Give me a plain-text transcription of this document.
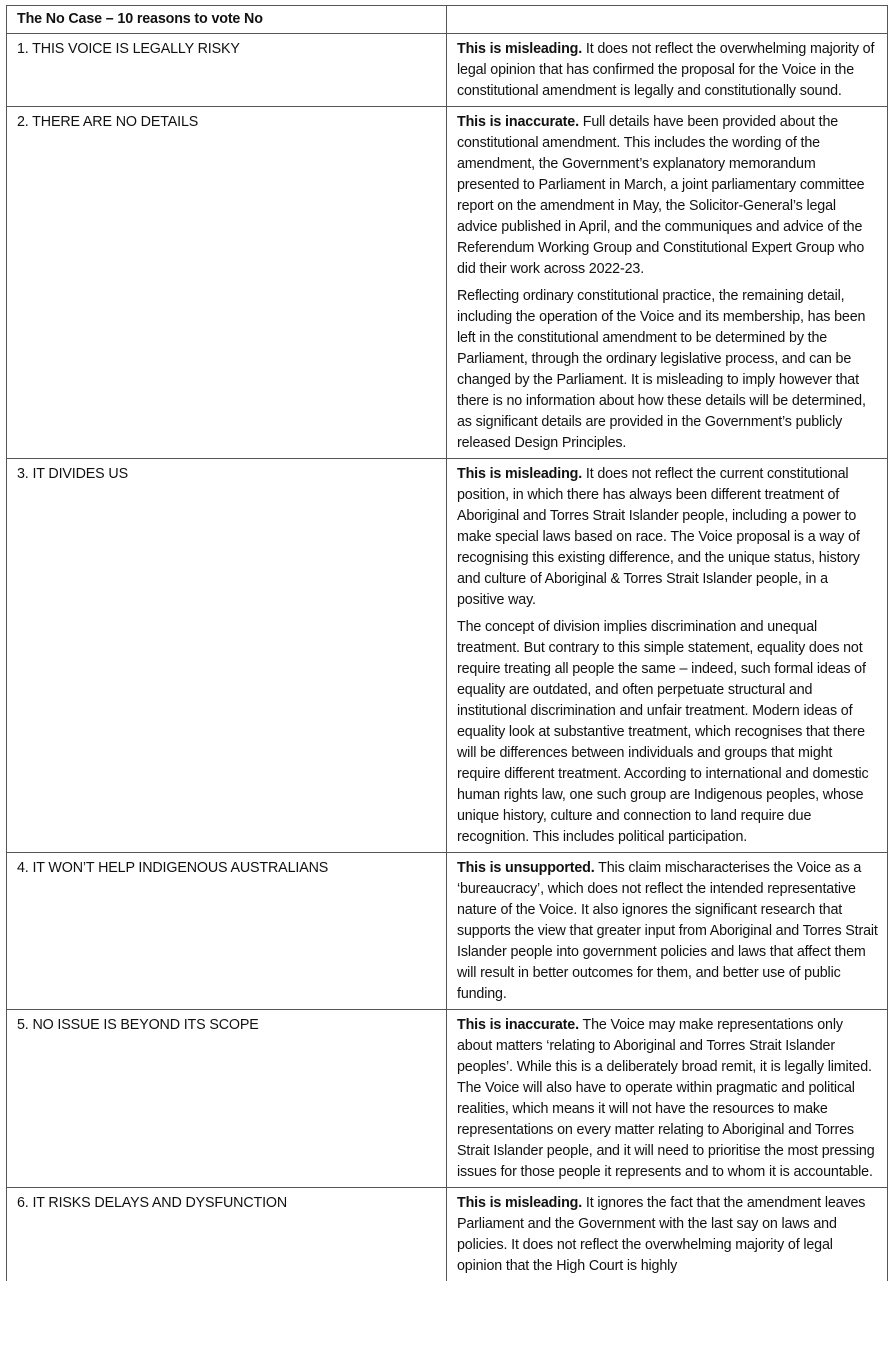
The No Case – 10 reasons to vote No	
1. THIS VOICE IS LEGALLY RISKY	This is misleading. It does not reflect the overwhelming majority of legal opinion that has confirmed the proposal for the Voice in the constitutional amendment is legally and constitutionally sound.

2. THERE ARE NO DETAILS	This is inaccurate. Full details have been provided about the constitutional amendment. This includes the wording of the amendment, the Government’s explanatory memorandum presented to Parliament in March, a joint parliamentary committee report on the amendment in May, the Solicitor-General’s legal advice published in April, and the communiques and advice of the Referendum Working Group and Constitutional Expert Group who did their work across 2022-23.

Reflecting ordinary constitutional practice, the remaining detail, including the operation of the Voice and its membership, has been left in the constitutional amendment to be determined by the Parliament, through the ordinary legislative process, and can be changed by the Parliament. It is misleading to imply however that there is no information about how these details will be determined, as significant details are provided in the Government’s publicly released Design Principles.

3. IT DIVIDES US	This is misleading. It does not reflect the current constitutional position, in which there has always been different treatment of Aboriginal and Torres Strait Islander people, including a power to make special laws based on race. The Voice proposal is a way of recognising this existing difference, and the unique status, history and culture of Aboriginal & Torres Strait Islander people, in a positive way.

The concept of division implies discrimination and unequal treatment. But contrary to this simple statement, equality does not require treating all people the same – indeed, such formal ideas of equality are outdated, and often perpetuate structural and institutional discrimination and unfair treatment. Modern ideas of equality look at substantive treatment, which recognises that there will be differences between individuals and groups that might require different treatment. According to international and domestic human rights law, one such group are Indigenous peoples, whose unique history, culture and connection to land require due recognition. This includes political participation.

4. IT WON’T HELP INDIGENOUS AUSTRALIANS	This is unsupported. This claim mischaracterises the Voice as a ‘bureaucracy’, which does not reflect the intended representative nature of the Voice. It also ignores the significant research that supports the view that greater input from Aboriginal and Torres Strait Islander people into government policies and laws that affect them will result in better outcomes for them, and better use of public funding.

5. NO ISSUE IS BEYOND ITS SCOPE	This is inaccurate. The Voice may make representations only about matters ‘relating to Aboriginal and Torres Strait Islander peoples’. While this is a deliberately broad remit, it is legally limited. The Voice will also have to operate within pragmatic and political realities, which means it will not have the resources to make representations on every matter relating to Aboriginal and Torres Strait Islander people, and it will need to prioritise the most pressing issues for those people it represents and to whom it is accountable.

6. IT RISKS DELAYS AND DYSFUNCTION	This is misleading. It ignores the fact that the amendment leaves Parliament and the Government with the last say on laws and policies. It does not reflect the overwhelming majority of legal opinion that the High Court is highly
